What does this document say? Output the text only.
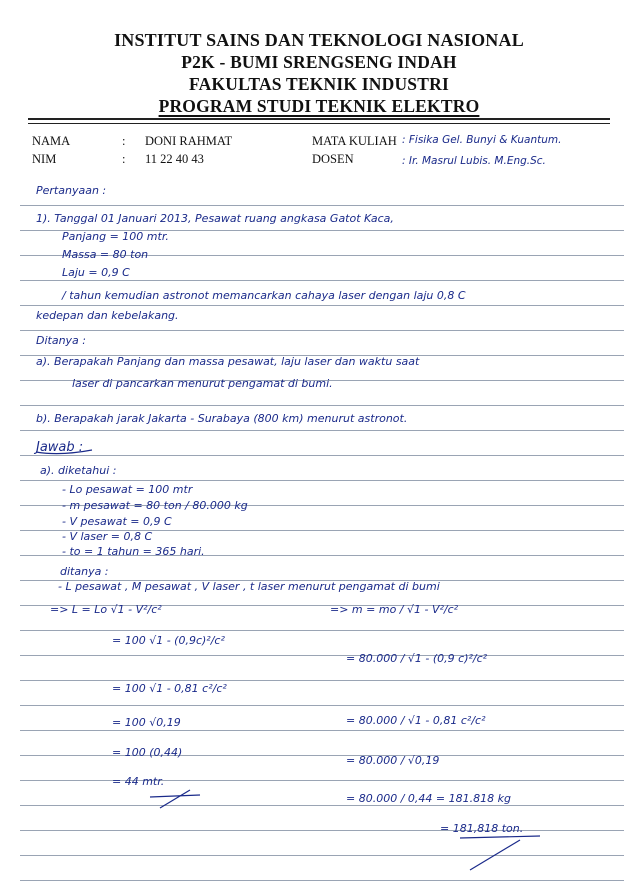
INSTITUT SAINS DAN TEKNOLOGI NASIONAL
P2K - BUMI SRENGSENG INDAH
FAKULTAS TEKNIK INDUSTRI
PROGRAM STUDI TEKNIK ELEKTRO
NAMA	: DONI RAHMAT
NIM	: 11 22 40 43
MATA KULIAH : Fisika Gel. Bunyi & Kuantum.
DOSEN	: Ir. Masrul Lubis. M.Eng.Sc.
Pertanyaan :
1). Tanggal 01 Januari 2013, Pesawat ruang angkasa Gatot Kaca,
Panjang = 100 mtr.
Massa = 80 ton
Laju = 0,9 C
/ tahun kemudian astronot memancarkan cahaya laser dengan laju 0,8 C
kedepan dan kebelakang.
Ditanya :
a). Berapakah Panjang dan massa pesawat, laju laser dan waktu saat
laser di pancarkan menurut pengamat di bumi.
b). Berapakah jarak Jakarta - Surabaya (800 km) menurut astronot.
Jawab :
a). diketahui :
- Lo pesawat = 100 mtr
- m pesawat = 80 ton / 80.000 kg
- V pesawat = 0,9 C
- V laser = 0,8 C
- to = 1 tahun = 365 hari.
ditanya :
- L pesawat , M pesawat , V laser , t laser menurut pengamat di bumi
=> L = Lo √1 - V²/c²
= 100 √1 - (0,9c)²/c²
= 100 √1 - 0,81 c²/c²
= 100 √0,19
= 100 (0,44)
= 44 mtr.
=> m = mo / √1 - V²/c²
= 80.000 / √1 - (0,9 c)²/c²
= 80.000 / √1 - 0,81 c²/c²
= 80.000 / √0,19
= 80.000 / 0,44 = 181.818 kg
= 181,818 ton.
